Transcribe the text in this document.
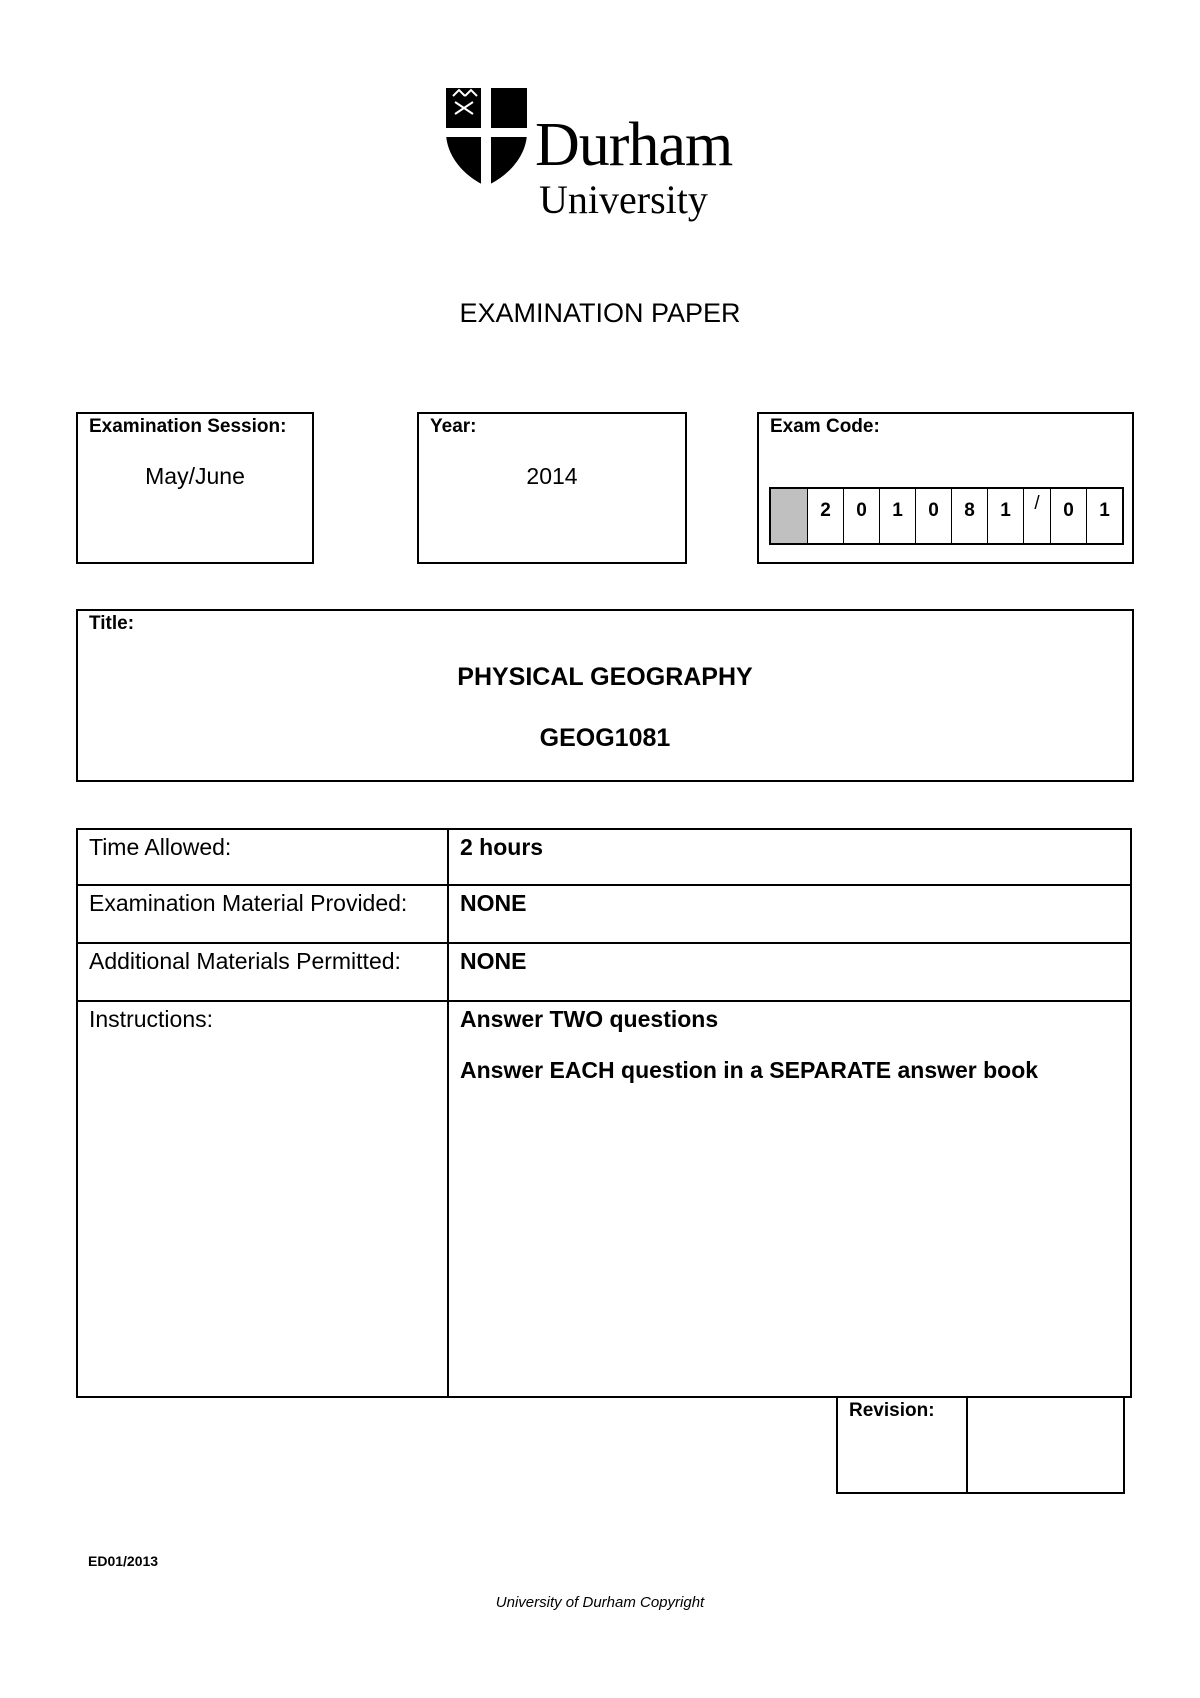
Durham
University
EXAMINATION PAPER
Examination Session:
May/June
Year:
2014
Exam Code:
2	0	1	0	8	1	/	0	1
Title:
PHYSICAL GEOGRAPHY
GEOG1081
Time Allowed:	2 hours
Examination Material Provided:	NONE
Additional Materials Permitted:	NONE
Instructions:	Answer TWO questions
Answer EACH question in a SEPARATE answer book
Revision:
ED01/2013
University of Durham Copyright
